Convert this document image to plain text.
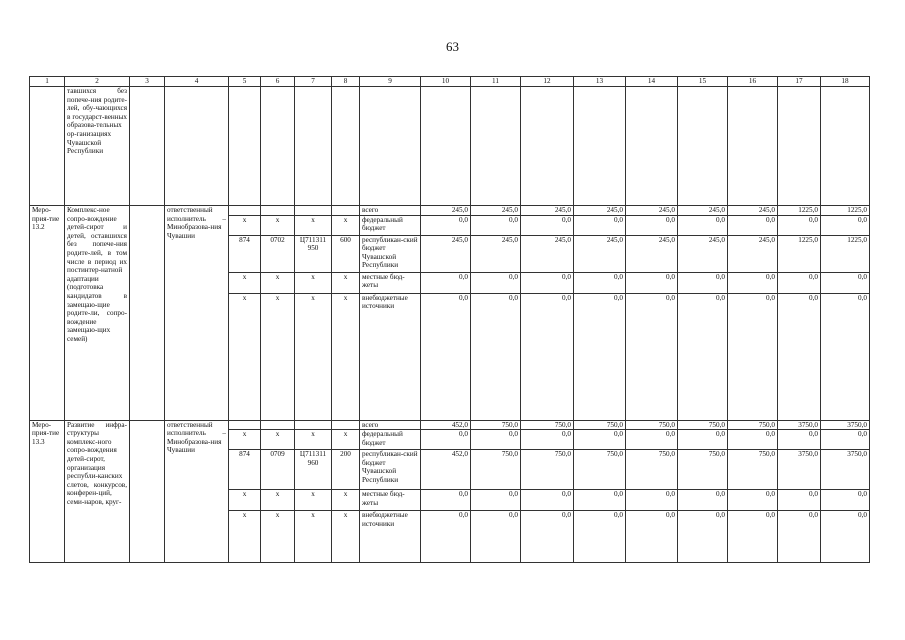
63
1	2	3	4	5	6	7	8	9	10	11	12	13	14	15	16	17	18
	тавшихся без попече-ния родите-лей, обу-чающихся в государст-венных образова-тельных ор-ганизациях Чувашской Республики																
Меро-прия-тие 13.2	Комплекс-ное сопро-вождение детей-сирот и детей, оставшихся без попече-ния родите-лей, в том числе в период их постинтер-натной адаптации (подготовка кандидатов в замещаю-щие родите-ли, сопро-вождение замещаю-щих семей)		ответственный исполнитель – Минобразова-ния Чувашии					всего	245,0	245,0	245,0	245,0	245,0	245,0	245,0	1225,0	1225,0
				x	x	x	x	федеральный бюджет	0,0	0,0	0,0	0,0	0,0	0,0	0,0	0,0	0,0
				874	0702	Ц711311 950	600	республикан-ский бюджет Чувашской Республики	245,0	245,0	245,0	245,0	245,0	245,0	245,0	1225,0	1225,0
				x	x	x	x	местные бюд-жеты	0,0	0,0	0,0	0,0	0,0	0,0	0,0	0,0	0,0
				x	x	x	x	внебюджетные источники	0,0	0,0	0,0	0,0	0,0	0,0	0,0	0,0	0,0
Меро-прия-тие 13.3	Развитие инфра-структуры комплекс-ного сопро-вождения детей-сирот, организация республи-канских слетов, конкурсов, конферен-ций, семи-наров, круг-		ответственный исполнитель – Минобразова-ния Чувашии					всего	452,0	750,0	750,0	750,0	750,0	750,0	750,0	3750,0	3750,0
				x	x	x	x	федеральный бюджет	0,0	0,0	0,0	0,0	0,0	0,0	0,0	0,0	0,0
				874	0709	Ц711311 960	200	республикан-ский бюджет Чувашской Республики	452,0	750,0	750,0	750,0	750,0	750,0	750,0	3750,0	3750,0
				x	x	x	x	местные бюд-жеты	0,0	0,0	0,0	0,0	0,0	0,0	0,0	0,0	0,0
				x	x	x	x	внебюджетные источники	0,0	0,0	0,0	0,0	0,0	0,0	0,0	0,0	0,0
